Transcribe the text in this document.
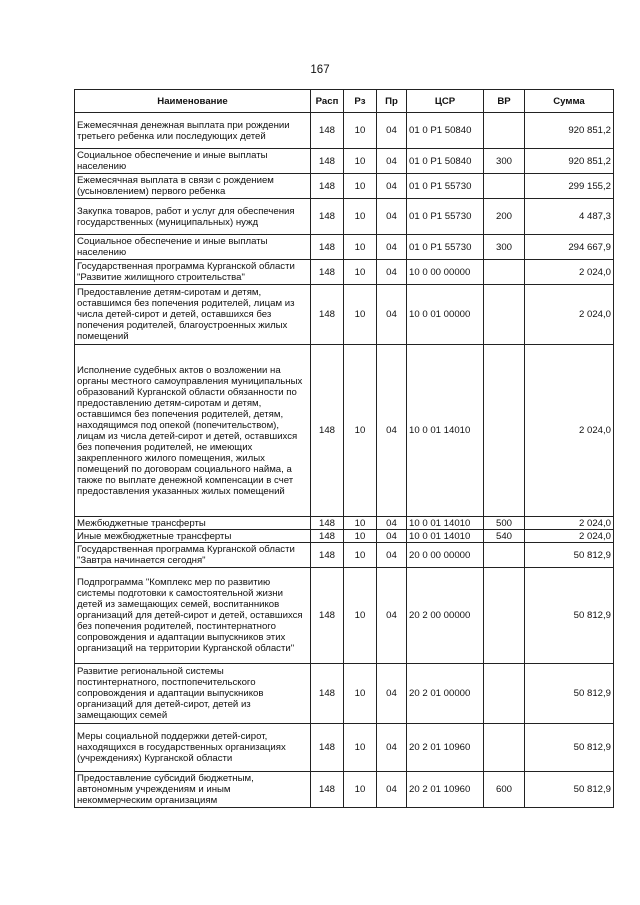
167
Наименование	Расп	Рз	Пр	ЦСР	ВР	Сумма
Ежемесячная денежная выплата при рождении третьего ребенка или последующих детей	148	10	04	01 0 P1 50840		920 851,2
Социальное обеспечение и иные выплаты населению	148	10	04	01 0 P1 50840	300	920 851,2
Ежемесячная выплата в связи с рождением (усыновлением) первого ребенка	148	10	04	01 0 P1 55730		299 155,2
Закупка товаров, работ и услуг для обеспечения государственных (муниципальных) нужд	148	10	04	01 0 P1 55730	200	4 487,3
Социальное обеспечение и иные выплаты населению	148	10	04	01 0 P1 55730	300	294 667,9
Государственная программа Курганской области "Развитие жилищного строительства"	148	10	04	10 0 00 00000		2 024,0
Предоставление детям-сиротам и детям, оставшимся без попечения родителей, лицам из числа детей-сирот и детей, оставшихся без попечения родителей, благоустроенных жилых помещений	148	10	04	10 0 01 00000		2 024,0
Исполнение судебных актов о возложении на органы местного самоуправления муниципальных образований Курганской области обязанности по предоставлению детям-сиротам и детям, оставшимся без попечения родителей, детям, находящимся под опекой (попечительством), лицам из числа детей-сирот и детей, оставшихся без попечения родителей, не имеющих закрепленного жилого помещения, жилых помещений по договорам социального найма, а также по выплате денежной компенсации в счет предоставления указанных жилых помещений	148	10	04	10 0 01 14010		2 024,0
Межбюджетные трансферты	148	10	04	10 0 01 14010	500	2 024,0
Иные межбюджетные трансферты	148	10	04	10 0 01 14010	540	2 024,0
Государственная программа Курганской области "Завтра начинается сегодня"	148	10	04	20 0 00 00000		50 812,9
Подпрограмма "Комплекс мер по развитию системы подготовки к самостоятельной жизни детей из замещающих семей, воспитанников организаций для детей-сирот и детей, оставшихся без попечения родителей, постинтернатного сопровождения и адаптации выпускников этих организаций на территории Курганской области"	148	10	04	20 2 00 00000		50 812,9
Развитие региональной системы постинтернатного, постпопечительского сопровождения и адаптации выпускников организаций для детей-сирот, детей из замещающих семей	148	10	04	20 2 01 00000		50 812,9
Меры социальной поддержки детей-сирот, находящихся в государственных организациях (учреждениях) Курганской области	148	10	04	20 2 01 10960		50 812,9
Предоставление субсидий бюджетным, автономным учреждениям и иным некоммерческим организациям	148	10	04	20 2 01 10960	600	50 812,9
